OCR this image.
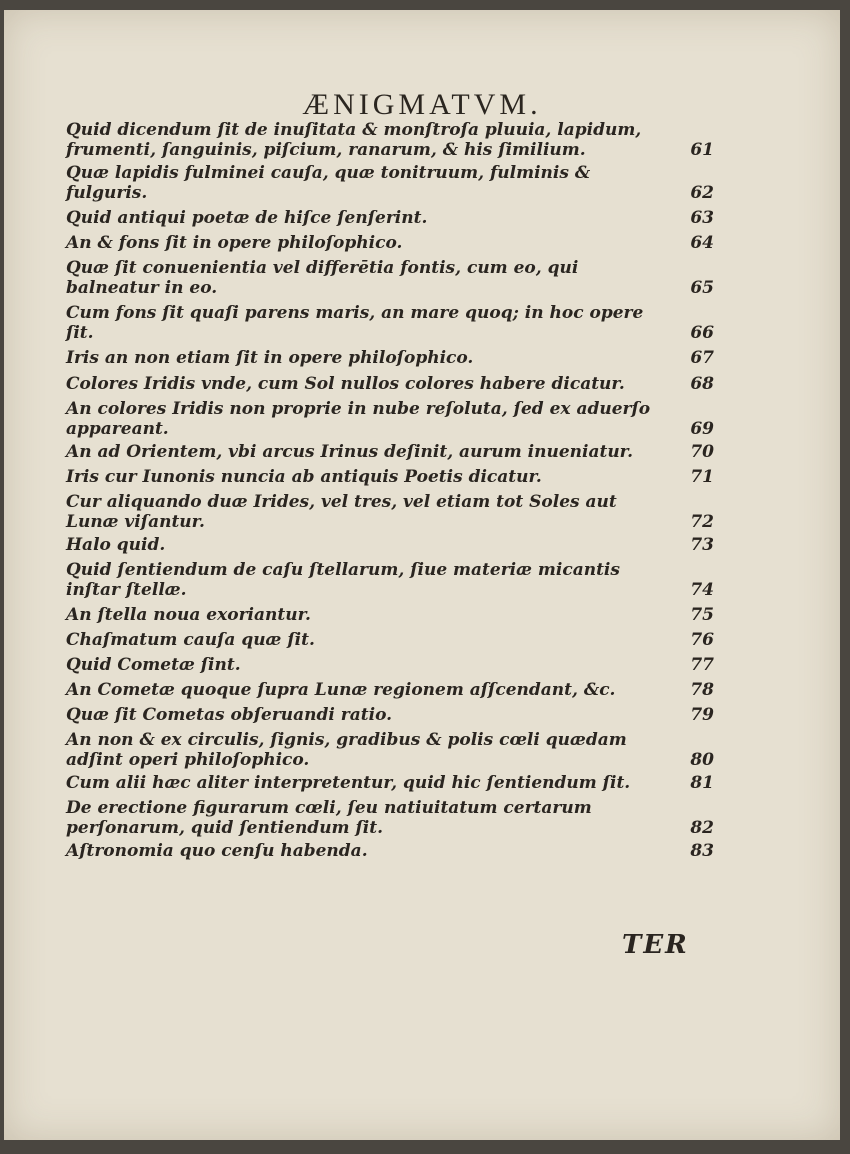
ÆNIGMATVM.
Quid dicendum ſit de inuſitata & monſtroſa pluuia, lapidum, frumenti, ſanguinis, piſcium, ranarum, & his ſimilium.	61
Quæ lapidis fulminei cauſa, quæ tonitruum, fulminis & fulguris.	62
Quid antiqui poetæ de hiſce ſenſerint.	63
An & fons ſit in opere philoſophico.	64
Quæ ſit conuenientia vel differētia fontis, cum eo, qui balneatur in eo.	65
Cum fons ſit quaſi parens maris, an mare quoq; in hoc opere ſit.	66
Iris an non etiam ſit in opere philoſophico.	67
Colores Iridis vnde, cum Sol nullos colores habere dicatur.	68
An colores Iridis non proprie in nube reſoluta, ſed ex aduerſo appareant.	69
An ad Orientem, vbi arcus Irinus deſinit, aurum inueniatur.	70
Iris cur Iunonis nuncia ab antiquis Poetis dicatur.	71
Cur aliquando duæ Irides, vel tres, vel etiam tot Soles aut Lunæ viſantur.	72
Halo quid.	73
Quid ſentiendum de caſu ſtellarum, ſiue materiæ micantis inſtar ſtellæ.	74
An ſtella noua exoriantur.	75
Chaſmatum cauſa quæ ſit.	76
Quid Cometæ ſint.	77
An Cometæ quoque ſupra Lunæ regionem aſſcendant, &c.	78
Quæ ſit Cometas obſeruandi ratio.	79
An non & ex circulis, ſignis, gradibus & polis cœli quædam adſint operi philoſophico.	80
Cum alii hæc aliter interpretentur, quid hic ſentiendum ſit.	81
De erectione figurarum cœli, ſeu natiuitatum certarum perſonarum, quid ſentiendum ſit.	82
Aſtronomia quo cenſu habenda.	83
TER
